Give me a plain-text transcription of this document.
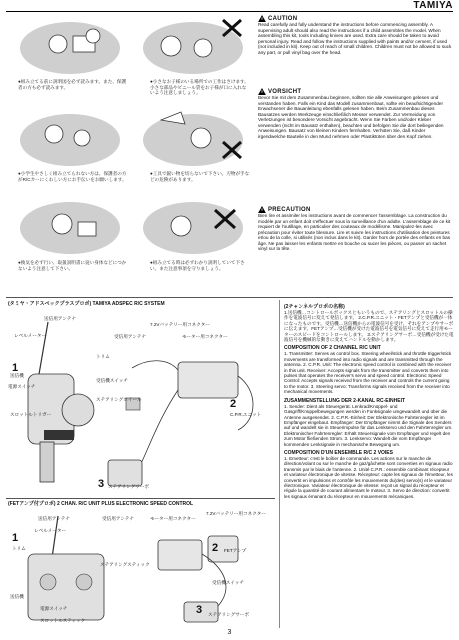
TAMIYA
●組み立てる前に説明図を必ず読みます。また、保護者の方も必ず読みます。
●小さなお子様のいる場所での工作はさけます。小さな部品やビニール袋をお子様が口に入れないよう注意しましょう。
●小学生やさしく組み立てられない方は、保護者の方がR/Cカーにくわしい方にお手伝いをお願いします。
●工具で鋭い物を切らないで下さい。刃物が手などの危険があります。
●換気を必ず行い、取扱説明書に従い身体などにつかないよう注意して下さい。
●組み立てる時は必ずわかり説明していて下さい。また注意事項を守りましょう。
CAUTION
Read carefully and fully understand the instructions before commencing assembly. A supervising adult should also read the instructions if a child assembles the model. When assembling this kit, tools including knives are used. Extra care should be taken to avoid personal injury. Read and follow the instructions supplied with paints and/or cement, if used (not included in kit). Keep out of reach of small children. Children must not be allowed to suck any part, or pull vinyl bag over the head.
VORSICHT
Bevor Sie mit dem Zusammenbau beginnen, sollten Sie alle Anweisungen gelesen und verstanden haben. Falls ein Kind das Modell zusammenbaut, sollte ein beaufsichtigender Erwachsener die Bauanleitung ebenfalls gelesen haben. Beim Zusammenbau dieses Bausatzes werden Werkzeuge einschließlich Messer verwendet. Zur Vermeidung von Verletzungen ist besondere Vorsicht angebracht. Wenn Sie Farben und/oder Kleber verwenden (nicht im Bausatz enthalten), beachten und befolgen Sie die dort beiliegenden Anweisungen. Bausatz von kleinen Kindern fernhalten. Verhüten Sie, daß Kinder irgendwelche Bauteile in den Mund nehmen oder Plastiktüten über den Kopf ziehen.
PRECAUTION
Bien lire et assimiler les instructions avant de commencer l'assemblage. La construction du modèle par un enfant doit s'effectuer sous la surveillance d'un adulte. L'assemblage de ce kit requiert de l'outillage, en particulier des couteaux de modélisme. Manipulez-les avec précaution pour éviter toute blessure. Lire et suivre les instructions d'utilisation des peintures et/ou de la colle, si utilisés (non inclus dans le kit). Garder hors de portée des enfants en bas âge. Ne pas laisser les enfants mettre en bouche ou sucer les pièces, ou passer un sachet vinyl sur la tête.
(タミヤ・アドスペックプラスプロポ) TAMIYA ADSPEC R/C SYSTEM
送信用アンテナ
7.2Vバッテリー用コネクター
レベルメーター	受信用アンテナ	モーター用コネクター
トリム
1
送信機
電源スイッチ
受信機スイッチ
ステアリングホイール
スロットルトリガー
2
C.P.R.ユニット
3 ステアリングサーボ
(FETアンプ付プロポ) 2 CHAN. R/C UNIT PLUS ELECTRONIC SPEED CONTROL
送信用アンテナ	受信用アンテナ	モーター用コネクター
7.2Vバッテリー用コネクター
レベルメーター
1
トリム
ステアリングスティック
2 FETアンプ
送信機
電源スイッチ
受信機スイッチ
スロットルスティック
3 ステアリングサーボ
(2チャンネルプロポの名称)
1.送信機…コントロールボックスともいうもので、ステアリングとスロットルの操作を電波信号に変えて発信します。 2.C.P.R.ユニット・FETアンプと受信機が一体になったものです。受信機…送信機からの電波信号を受け、それをアンプやサーボに伝えます。FETアンプ…受信機が受けた電波信号を電気信号に変えて走行用モーターのスピードをコントロールします。 3.ステアリングサーボ…受信機が受けた電波信号を機械的な動きに変えてハンドルを動かします。
COMPOSITION OF 2 CHANNEL R/C UNIT
1. Transmitter: Serves as control box. Steering wheel/stick and throttle trigger/stick movements are transformed into radio signals and are transmitted through the antenna. 2. C.P.R. Unit: The electronic speed control is combined with the receiver in this unit. Receiver: Accepts signals from the transmitter and converts them into pulses that operates the receiver's servo and speed control. Electronic Speed Control: Accepts signals received from the receiver and controls the current going to the motor. 3. Steering servo: Transforms signals received from the receiver into mechanical movements.
ZUSAMMENSTELLUNG DER 2-KANAL RC-EINHEIT
1. Sender: Dient als Steuergerät. Lenkrad/Knüppel- und Gasgriff/Knüppelbewegungen werden in Funksignale umgewandelt und über die Antenne ausgesendet. 2. C.P.R.-Einheit: Der Elektronische Fahrtenregler ist im Empfänger eingebaut. Empfänger: Der Empfänger nimmt die Signale des Senders auf und wandelt sie in Steuerimpulse für das Lenkservo und den Fahrtenregler um. Elektronischer Fahrtenregler: Erhält Steuersignale vom Empfänger und regelt den zum Motor fließenden Strom. 3. Lenkservo: Wandelt die vom Empfänger kommenden Lenksignale in mechanische Bewegung um.
COMPOSITION D'UN ENSEMBLE R/C 2 VOIES
1. Emetteur: c'est le boîtier de commande. Les actions sur le manche de direction/volant ou sur le manche de gaz/gâchette sont converties en signaux radio transmis par le biais de l'antenne. 2. Unité C.P.R.: ensemble combinant récepteur et variateur électronique de vitesse. Récepteur: capte les signaux de l'émetteur, les convertit en impulsions et contrôle les mouvements du(des) servo(s) et le variateur électronique. Variateur électronique de vitesse: reçoit un signal du récepteur et régule la quantité de courant alimentant le moteur. 3. Servo de direction: convertit les signaux émanant du récepteur en mouvements mécaniques.
3
